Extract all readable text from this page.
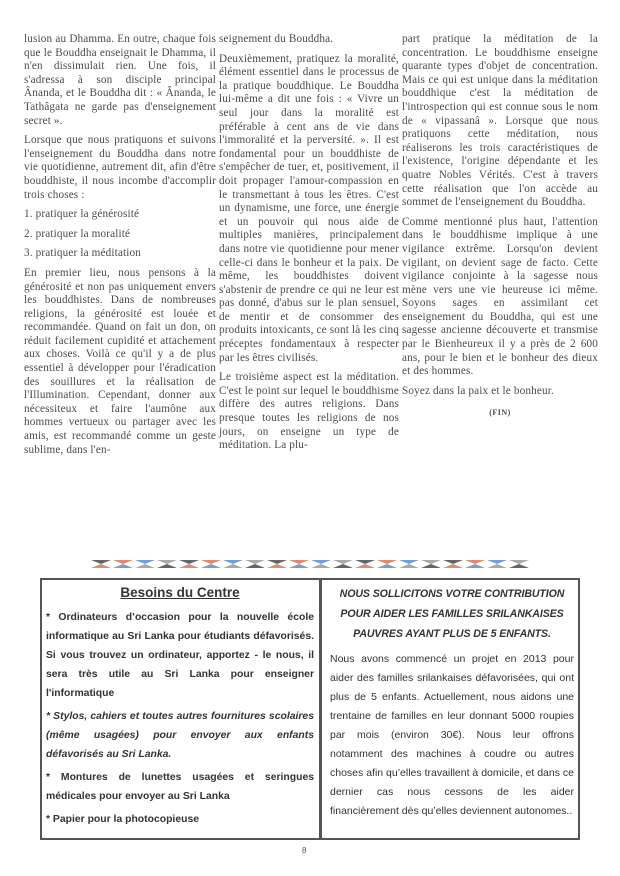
lusion au Dhamma. En outre, chaque fois que le Bouddha enseignait le Dhamma, il n'en dissimulait rien. Une fois, il s'adressa à son disciple principal Ânanda, et le Bouddha dit : « Ânanda, le Tathâgata ne garde pas d'enseignement secret ».

Lorsque que nous pratiquons et suivons l'enseignement du Bouddha dans notre vie quotidienne, autrement dit, afin d'être bouddhiste, il nous incombe d'accomplir trois choses :

1. pratiquer la générosité
2. pratiquer la moralité
3. pratiquer la méditation

En premier lieu, nous pensons à la générosité et non pas uniquement envers les bouddhistes. Dans de nombreuses religions, la générosité est louée et recommandée. Quand on fait un don, on réduit facilement cupidité et attachement aux choses. Voilà ce qu'il y a de plus essentiel à développer pour l'éradication des souillures et la réalisation de l'Illumination. Cependant, donner aux nécessiteux et faire l'aumône aux hommes vertueux ou partager avec les amis, est recommandé comme un geste sublime, dans l'en-

seignement du Bouddha.

Deuxièmement, pratiquez la moralité, élément essentiel dans le processus de la pratique bouddhique. Le Bouddha lui-même a dit une fois : « Vivre un seul jour dans la moralité est préférable à cent ans de vie dans l'immoralité et la perversité. ». Il est fondamental pour un bouddhiste de s'empêcher de tuer, et, positivement, il doit propager l'amour-compassion en le transmettant à tous les êtres. C'est un dynamisme, une force, une énergie et un pouvoir qui nous aide de multiples manières, principalement dans notre vie quotidienne pour mener celle-ci dans le bonheur et la paix. De même, les bouddhistes doivent s'abstenir de prendre ce qui ne leur est pas donné, d'abus sur le plan sensuel, de mentir et de consommer des produits intoxicants, ce sont là les cinq préceptes fondamentaux à respecter par les êtres civilisés.

Le troisième aspect est la méditation. C'est le point sur lequel le bouddhisme diffère des autres religions. Dans presque toutes les religions de nos jours, on enseigne un type de méditation. La plu-

part pratique la méditation de la concentration. Le bouddhisme enseigne quarante types d'objet de concentration. Mais ce qui est unique dans la méditation bouddhique c'est la méditation de l'introspection qui est connue sous le nom de « vipassanâ ». Lorsque que nous pratiquons cette méditation, nous réaliserons les trois caractéristiques de l'existence, l'origine dépendante et les quatre Nobles Vérités. C'est à travers cette réalisation que l'on accède au sommet de l'enseignement du Bouddha.

Comme mentionné plus haut, l'attention dans le bouddhisme implique à une vigilance extrême. Lorsqu'on devient vigilant, on devient sage de facto. Cette vigilance conjointe à la sagesse nous mène vers une vie heureuse ici même. Soyons sages en assimilant cet enseignement du Bouddha, qui est une sagesse ancienne découverte et transmise par le Bienheureux il y a près de 2 600 ans, pour le bien et le bonheur des dieux et des hommes.

Soyez dans la paix et le bonheur.

(FIN)
Besoins du Centre

* Ordinateurs d’occasion pour la nouvelle école informatique au Sri Lanka pour étudiants défavorisés. Si vous trouvez un ordinateur, apportez - le nous, il sera très utile au Sri Lanka pour enseigner l'informatique

* Stylos, cahiers et toutes autres fournitures scolaires (même usagées) pour envoyer aux enfants défavorisés au Sri Lanka.

* Montures de lunettes usagées et seringues médicales pour envoyer au Sri Lanka

* Papier pour la photocopieuse

NOUS SOLLICITONS VOTRE CONTRIBUTION
POUR AIDER LES FAMILLES SRILANKAISES
PAUVRES AYANT PLUS DE 5 ENFANTS.

Nous avons commencé un projet en 2013 pour aider des familles srilankaises défavorisées, qui ont plus de 5 enfants. Actuellement, nous aidons une trentaine de familles en leur donnant 5000 roupies par mois (environ 30€). Nous leur offrons notamment des machines à coudre ou autres choses afin qu’elles travaillent à domicile, et dans ce dernier cas nous cessons de les aider financièrement dès qu’elles deviennent autonomes..

8
